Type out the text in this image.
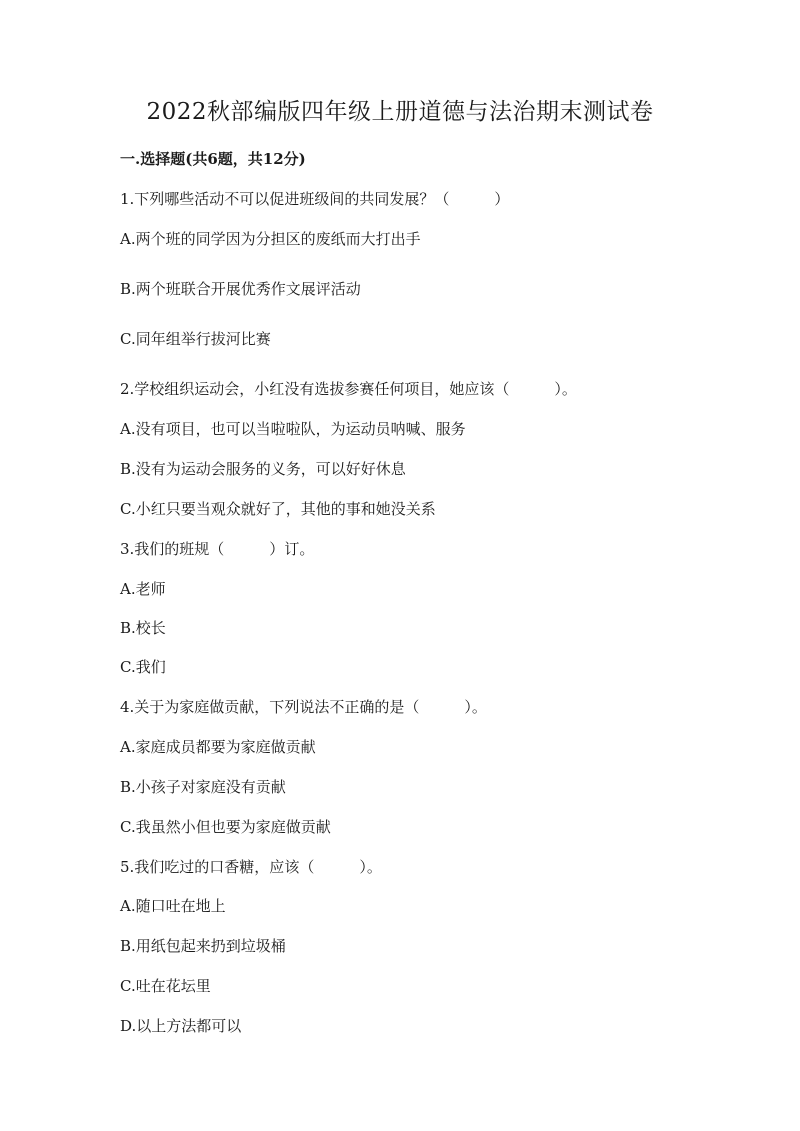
2022秋部编版四年级上册道德与法治期末测试卷
一.选择题(共6题，共12分)
1.下列哪些活动不可以促进班级间的共同发展？（　　　）
A.两个班的同学因为分担区的废纸而大打出手
B.两个班联合开展优秀作文展评活动
C.同年组举行拔河比赛
2.学校组织运动会，小红没有选拔参赛任何项目，她应该（　　　）。
A.没有项目，也可以当啦啦队，为运动员呐喊、服务
B.没有为运动会服务的义务，可以好好休息
C.小红只要当观众就好了，其他的事和她没关系
3.我们的班规（　　　）订。
A.老师
B.校长
C.我们
4.关于为家庭做贡献，下列说法不正确的是（　　　）。
A.家庭成员都要为家庭做贡献
B.小孩子对家庭没有贡献
C.我虽然小但也要为家庭做贡献
5.我们吃过的口香糖，应该（　　　）。
A.随口吐在地上
B.用纸包起来扔到垃圾桶
C.吐在花坛里
D.以上方法都可以
